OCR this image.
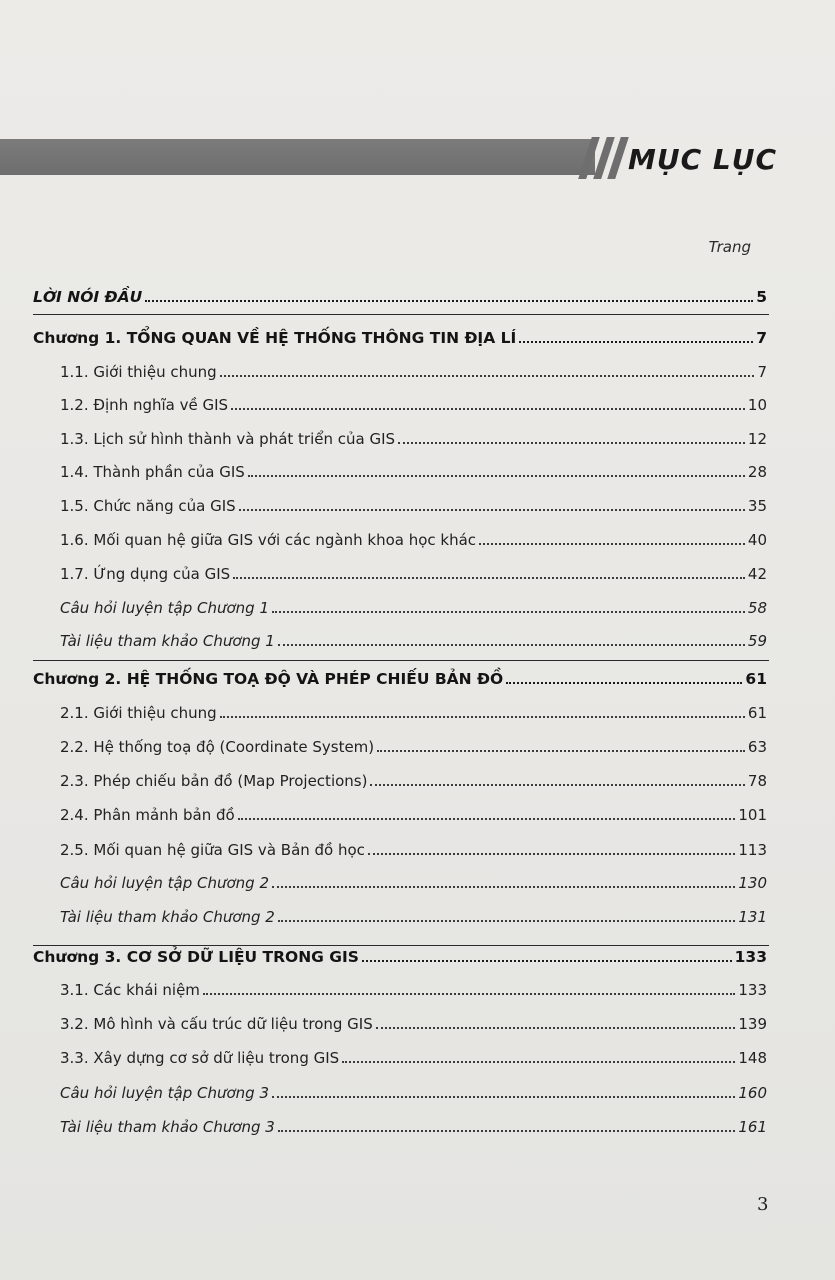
MỤC LỤC
Trang
LỜI NÓI ĐẦU	5
Chương 1. TỔNG QUAN VỀ HỆ THỐNG THÔNG TIN ĐỊA LÍ	7
1.1. Giới thiệu chung	7
1.2. Định nghĩa về GIS	10
1.3. Lịch sử hình thành và phát triển của GIS	12
1.4. Thành phần của GIS	28
1.5. Chức năng của GIS	35
1.6. Mối quan hệ giữa GIS với các ngành khoa học khác	40
1.7. Ứng dụng của GIS	42
Câu hỏi luyện tập Chương 1	58
Tài liệu tham khảo Chương 1	59
Chương 2. HỆ THỐNG TOẠ ĐỘ VÀ PHÉP CHIẾU BẢN ĐỒ	61
2.1. Giới thiệu chung	61
2.2. Hệ thống toạ độ (Coordinate System)	63
2.3. Phép chiếu bản đồ (Map Projections)	78
2.4. Phân mảnh bản đồ	101
2.5. Mối quan hệ giữa GIS và Bản đồ học	113
Câu hỏi luyện tập Chương 2	130
Tài liệu tham khảo Chương 2	131
Chương 3. CƠ SỞ DỮ LIỆU TRONG GIS	133
3.1. Các khái niệm	133
3.2. Mô hình và cấu trúc dữ liệu trong GIS	139
3.3. Xây dựng cơ sở dữ liệu trong GIS	148
Câu hỏi luyện tập Chương 3	160
Tài liệu tham khảo Chương 3	161
3
